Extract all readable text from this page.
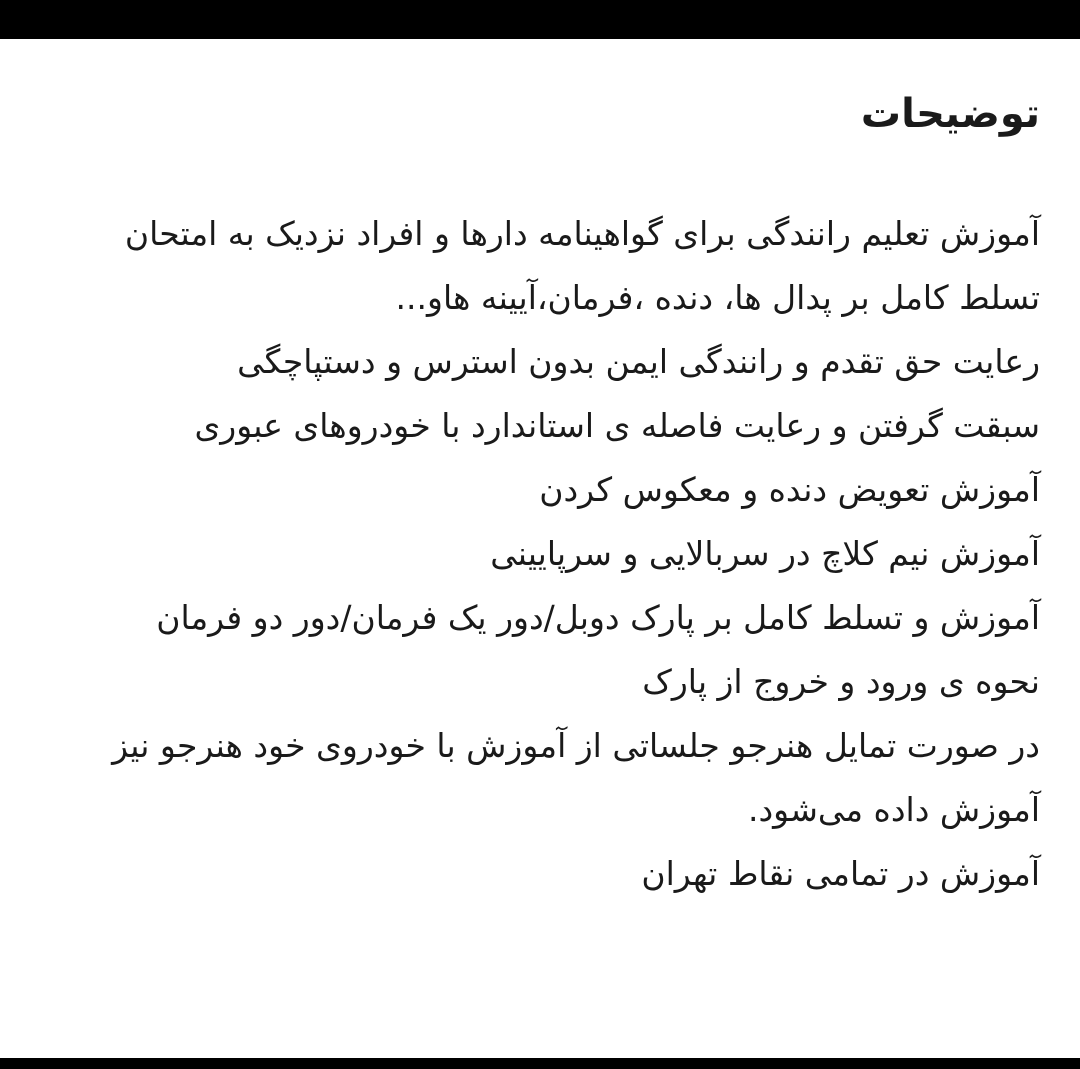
توضیحات
آموزش تعلیم رانندگی برای گواهینامه دارها و افراد نزدیک به امتحان
تسلط کامل بر پدال ها، دنده ،فرمان،آیینه هاو...
رعایت حق تقدم و رانندگی ایمن بدون استرس و دستپاچگی
سبقت گرفتن و رعایت فاصله ی استاندارد با خودروهای عبوری
آموزش تعویض دنده و معکوس کردن
آموزش نیم کلاچ در سربالایی و سرپایینی
آموزش و تسلط کامل بر پارک دوبل/دور یک فرمان/دور دو فرمان
نحوه ی ورود و خروج از پارک
در صورت تمایل هنرجو جلساتی از آموزش با خودروی خود هنرجو نیز آموزش داده می‌شود.
آموزش در تمامی نقاط تهران
